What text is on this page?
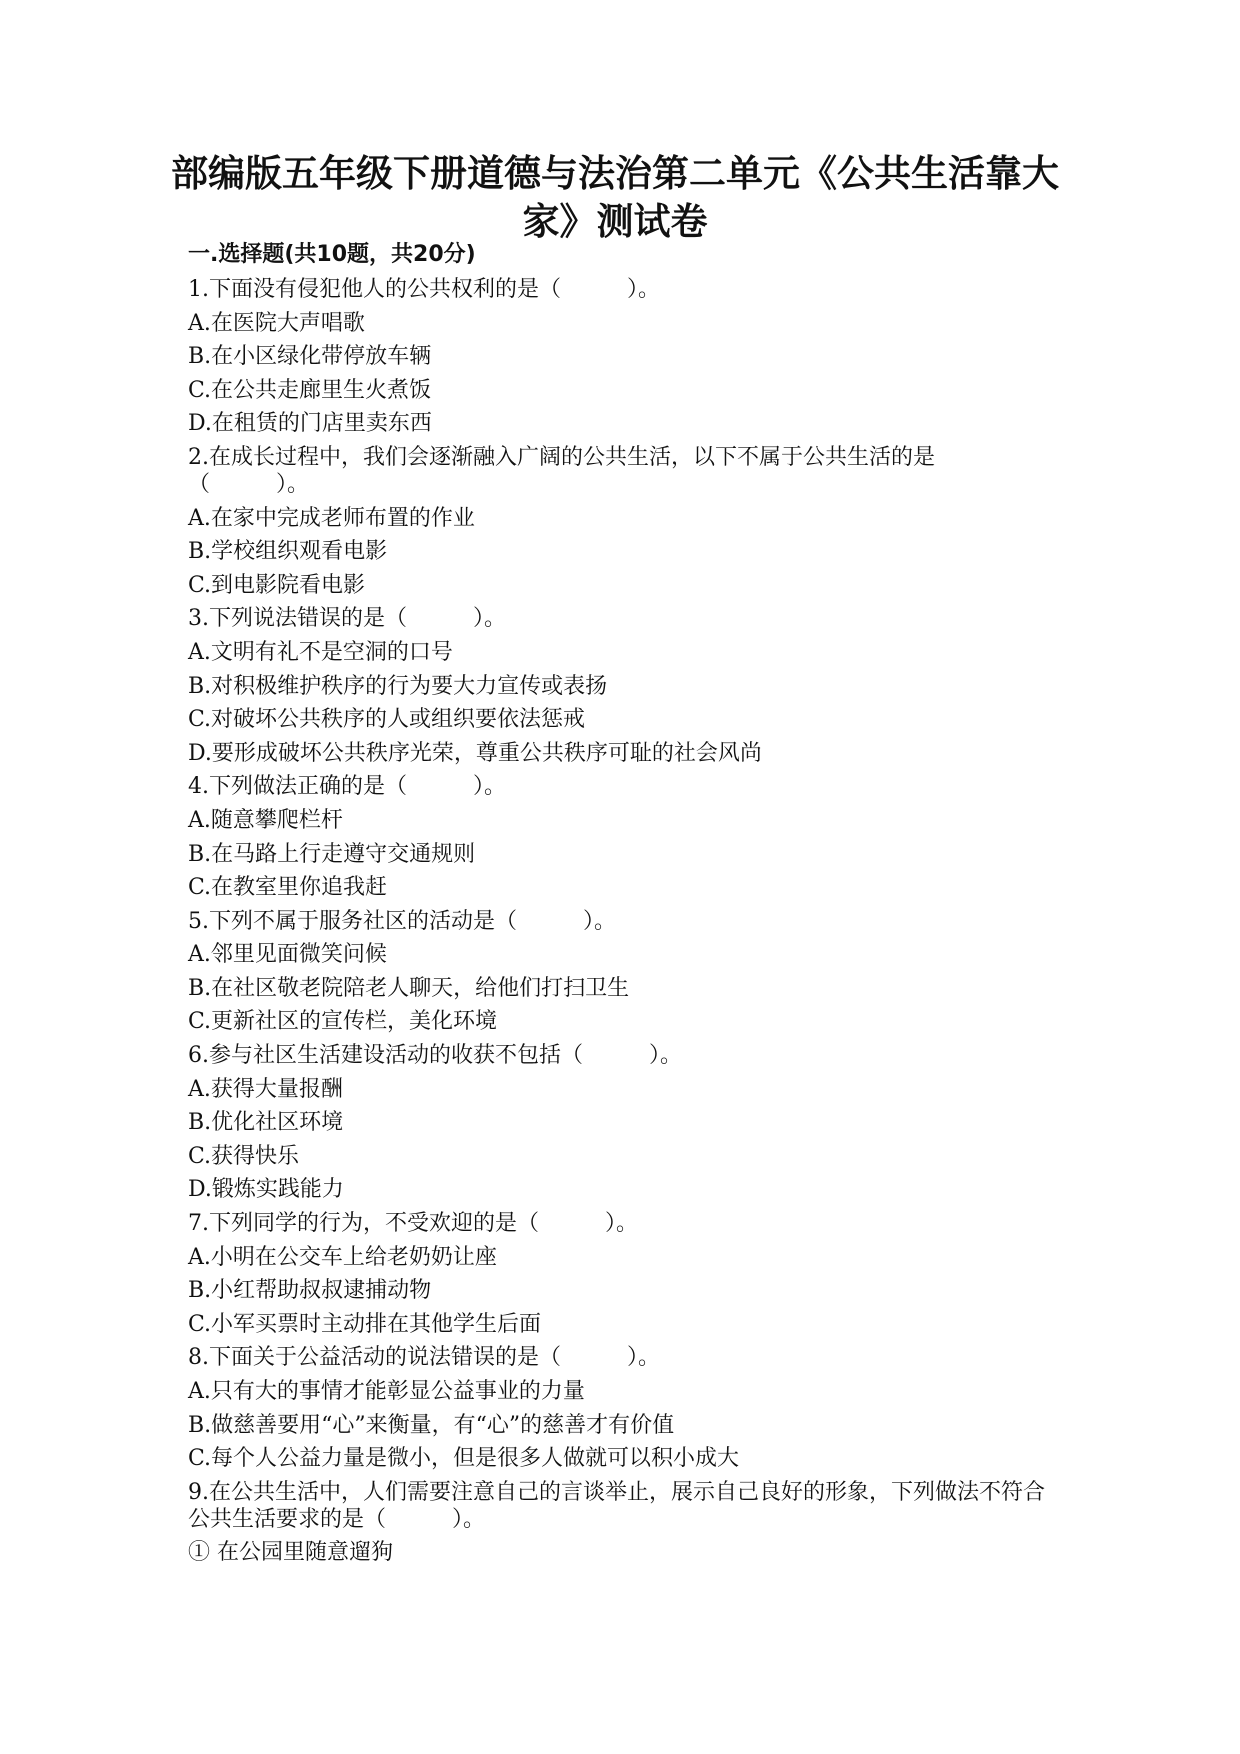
部编版五年级下册道德与法治第二单元《公共生活靠大家》测试卷
一.选择题(共10题，共20分)
1.下面没有侵犯他人的公共权利的是（　　　）。
A.在医院大声唱歌
B.在小区绿化带停放车辆
C.在公共走廊里生火煮饭
D.在租赁的门店里卖东西
2.在成长过程中，我们会逐渐融入广阔的公共生活，以下不属于公共生活的是（　　　）。
A.在家中完成老师布置的作业
B.学校组织观看电影
C.到电影院看电影
3.下列说法错误的是（　　　）。
A.文明有礼不是空洞的口号
B.对积极维护秩序的行为要大力宣传或表扬
C.对破坏公共秩序的人或组织要依法惩戒
D.要形成破坏公共秩序光荣，尊重公共秩序可耻的社会风尚
4.下列做法正确的是（　　　）。
A.随意攀爬栏杆
B.在马路上行走遵守交通规则
C.在教室里你追我赶
5.下列不属于服务社区的活动是（　　　）。
A.邻里见面微笑问候
B.在社区敬老院陪老人聊天，给他们打扫卫生
C.更新社区的宣传栏，美化环境
6.参与社区生活建设活动的收获不包括（　　　）。
A.获得大量报酬
B.优化社区环境
C.获得快乐
D.锻炼实践能力
7.下列同学的行为，不受欢迎的是（　　　）。
A.小明在公交车上给老奶奶让座
B.小红帮助叔叔逮捕动物
C.小军买票时主动排在其他学生后面
8.下面关于公益活动的说法错误的是（　　　）。
A.只有大的事情才能彰显公益事业的力量
B.做慈善要用“心”来衡量，有“心”的慈善才有价值
C.每个人公益力量是微小，但是很多人做就可以积小成大
9.在公共生活中，人们需要注意自己的言谈举止，展示自己良好的形象，下列做法不符合公共生活要求的是（　　　）。
① 在公园里随意遛狗
